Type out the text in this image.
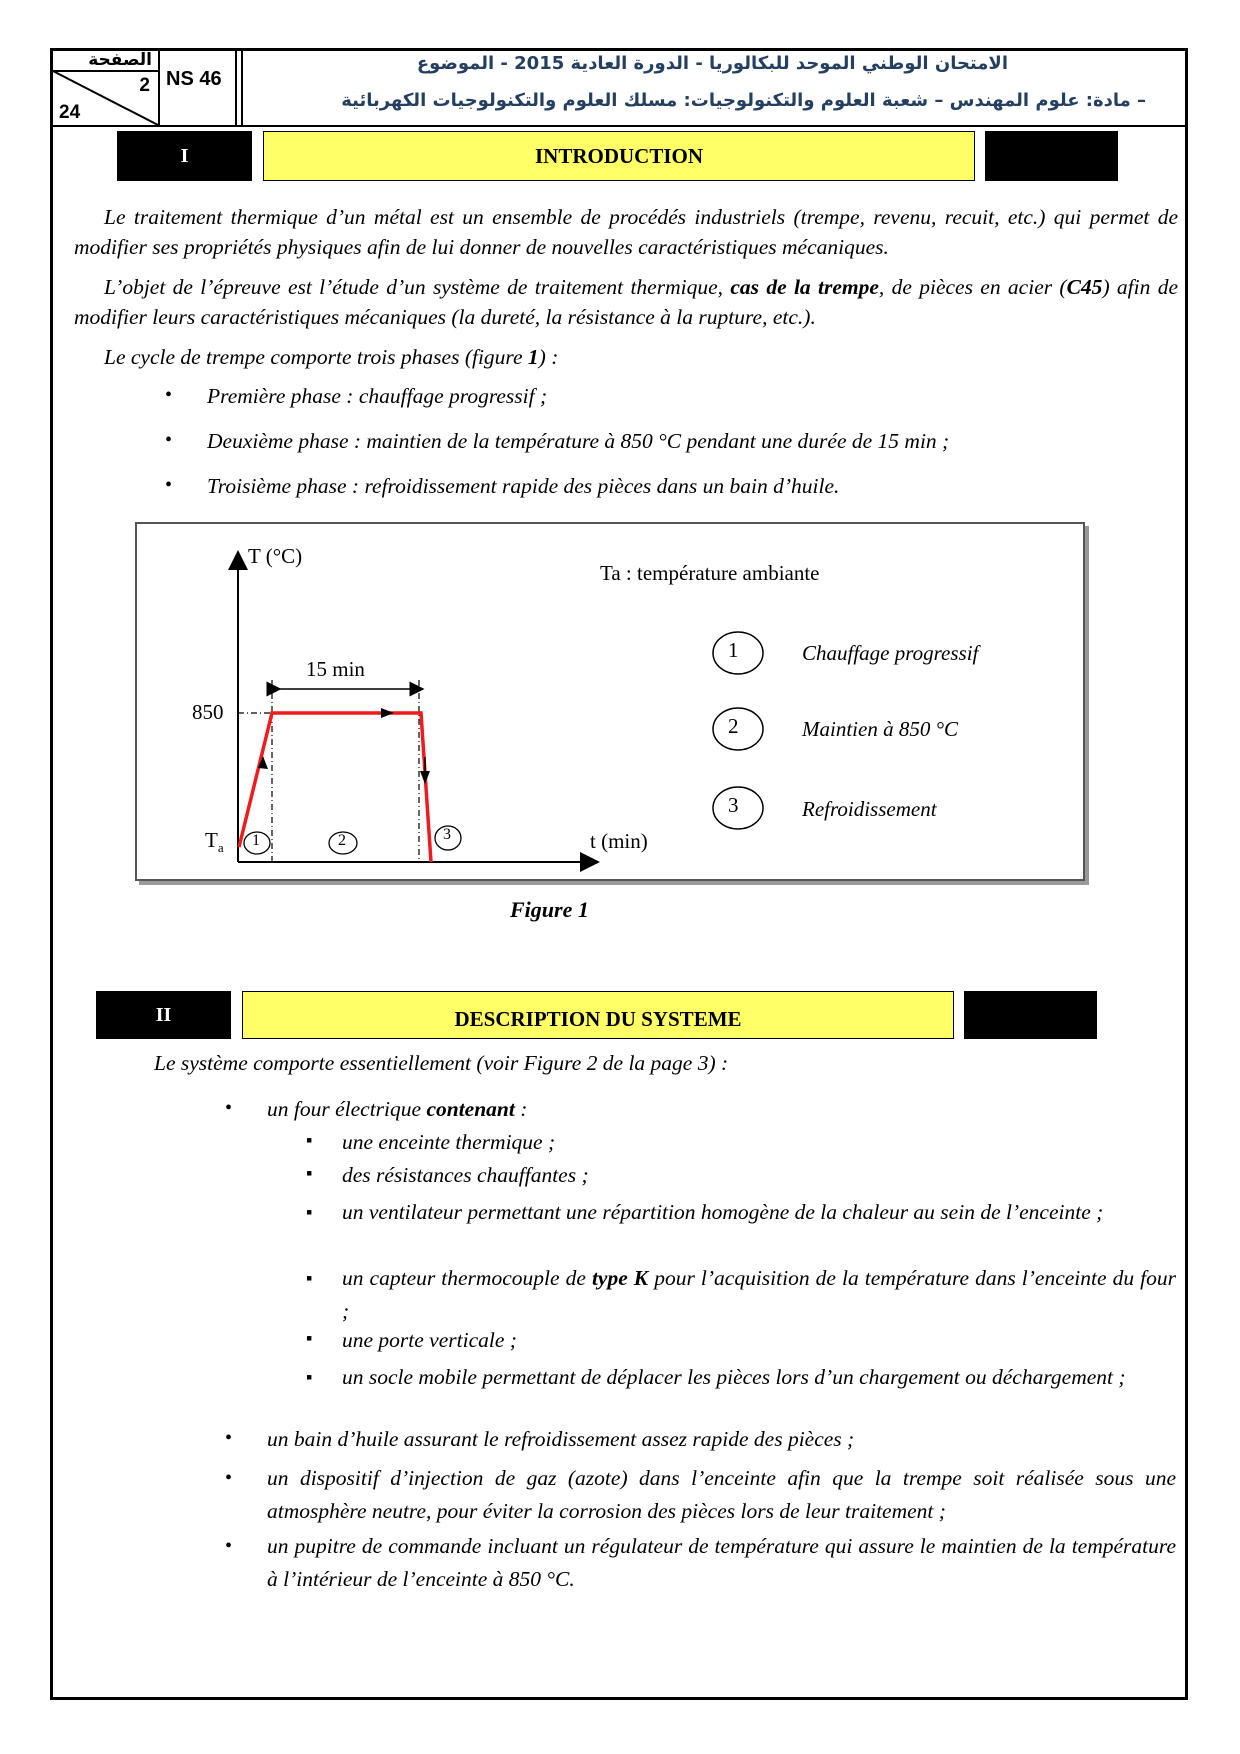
الصفحة
2
24
NS 46
الامتحان الوطني الموحد للبكالوريا - الدورة العادية 2015 - الموضوع
– مادة: علوم المهندس – شعبة العلوم والتكنولوجيات: مسلك العلوم والتكنولوجيات الكهربائية
I	INTRODUCTION
Le traitement thermique d’un métal est un ensemble de procédés industriels (trempe, revenu, recuit, etc.) qui permet de modifier ses propriétés physiques afin de lui donner de nouvelles caractéristiques mécaniques.
L’objet de l’épreuve est l’étude d’un système de traitement thermique, cas de la trempe, de pièces en acier (C45) afin de modifier leurs caractéristiques mécaniques (la dureté, la résistance à la rupture, etc.).
Le cycle de trempe comporte trois phases (figure 1) :
• Première phase : chauffage progressif ;
• Deuxième phase : maintien de la température à 850 °C pendant une durée de 15 min ;
• Troisième phase : refroidissement rapide des pièces dans un bain d’huile.
T (°C)
t (min)
850
$T_a$
15 min
1	2	3
Ta : température ambiante
1
2
3
Chauffage progressif
Maintien à 850 °C
Refroidissement
Figure 1
II	DESCRIPTION DU SYSTEME
Le système comporte essentiellement (voir Figure 2 de la page 3) :
• un four électrique contenant :
▪ une enceinte thermique ;
▪ des résistances chauffantes ;
▪ un ventilateur permettant une répartition homogène de la chaleur au sein de l’enceinte ;
▪ un capteur thermocouple de type K pour l’acquisition de la température dans l’enceinte du four ;
▪ une porte verticale ;
▪ un socle mobile permettant de déplacer les pièces lors d’un chargement ou déchargement ;
• un bain d’huile assurant le refroidissement assez rapide des pièces ;
• un dispositif d’injection de gaz (azote) dans l’enceinte afin que la trempe soit réalisée sous une atmosphère neutre, pour éviter la corrosion des pièces lors de leur traitement ;
• un pupitre de commande incluant un régulateur de température qui assure le maintien de la température à l’intérieur de l’enceinte à 850 °C.
